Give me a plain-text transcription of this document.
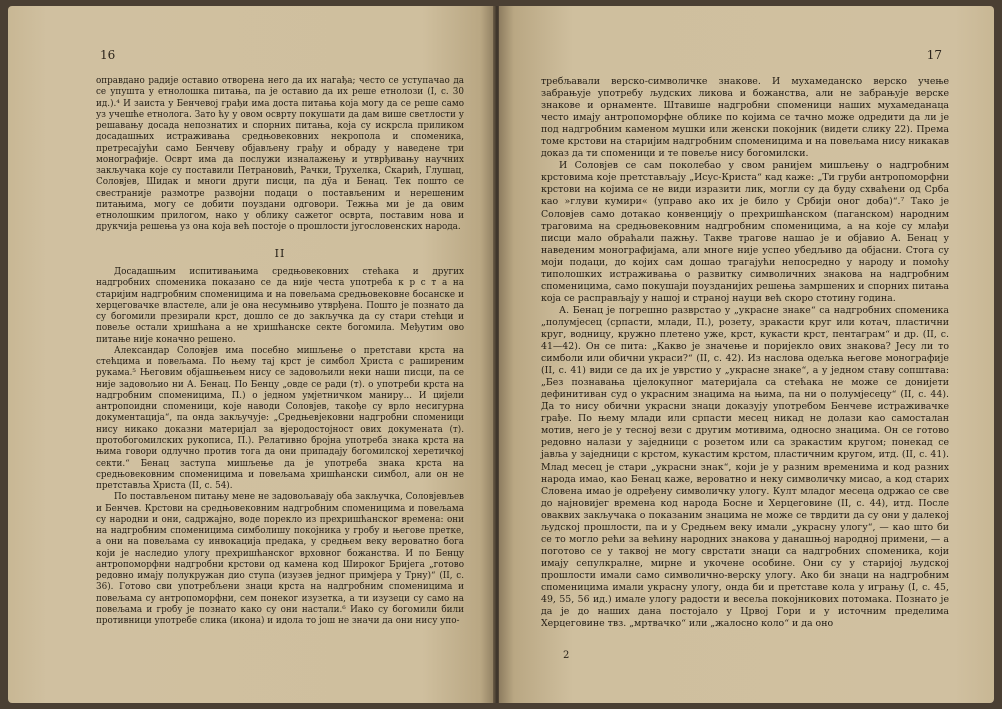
16

оправдано радије оставио отворена него да их нагађа; често се уступачао да се упушта у етнолошка питања, па је оставио да их реше етнолози (I, с. 30 ид.).⁴ И заиста у Бенчевој грађи има доста питања која могу да се реше само уз учешће етнолога. Зато ћу у овом осврту покушати да дам више светлости у решавању досада непознатих и спорних питања, која су искрсла приликом досадашњих истраживања средњовековних некропола и споменика, претресајући само Бенчеву објављену грађу и обраду у наведене три монографије. Осврт има да послужи изналажењу и утврђивању научних закључака које су поставили Петрановић, Рачки, Трухелка, Скарић, Глушац, Соловјев, Шидак и многи други писци, па дӯа и Бенац. Тек пошто се свестраније размотре развојни подаци о постављеним и нерешеним питањима, могу се добити поуздани одговори. Тежња ми је да овим етнолошким прилогом, нако у облику сажетог осврта, поставим нова и друкчија решења уз она која већ постоје о прошлости југословенских народа.

II

Досадашњим испитивањима средњовековних стећака и других надгробних споменика показано се да није честа употреба к р с т а на старијим надгробним споменицима и на повељама средњовековне босанске и херцеговачке властеле, али је она несумњиво утврђена. Пошто је познато да су богомили презирали крст, дошло се до закључка да су стари стећци и повеље остали хришћана а не хришћанске секте богомила. Међутим ово питање није коначно решено.

Александар Соловјев има посебно мишљење о претстави крста на стећцима и повељама. По њему тај крст је симбол Христа с раширеним рукама.⁵ Његовим објашњењем нису се задовољили неки наши писци, па се није задовољио ни А. Бенац. По Бенцу „овде се ради (т). о употреби крста на надгробним споменицима, П.) о једном умјетничком маниру... И цијели антропоидни споменици, које наводи Соловјев, такође су врло несигурна документација“, па онда закључује: „Средњевјековни надгробни споменици нису никако доказни материјал за вјеродостојност ових докумената (т). протобогомилских рукописа, П.). Релативно бројна употреба знака крста на њима говори одлучно против тога да они припадају богомилској херетичкој секти.“ Бенац заступа мишљење да је употреба знака крста на средњовековним споменицима и повељама хришћански симбол, али он не претставља Христа (II, с. 54).

По постављеном питању мене не задовољавају оба закључка, Соловјевљев и Бенчев. Крстови на средњовековним надгробним споменицима и повељама су народни и они, садржајно, воде порекло из прехришћанског времена: они на надгробним споменицима симболишу покојника у гробу и његове претке, а они на повељама су инвокација предака, у средњем веку вероватно бога који је наследио улогу прехришћанског врховног божанства. И по Бенцу антропоморфни надгробни крстови од камена код Широког Бријега „готово редовно имају полукружан дио ступа (изузев једног примјера у Трну)“ (II, с. 36). Готово сви употребљени знаци крста на надгробним споменицима и повељама су антропоморфни, сем понеког изузетка, а ти изузеци су само на повељама и гробу је познато како су они настали.⁶ Иако су богомили били противници употребе слика (икона) и идола то још не значи да они нису упо-

17

требљавали верско-символичке знакове. И мухамеданско верско учење забрањује употребу људских ликова и божанства, али не забрањује верске знакове и орнаменте. Штавише надгробни споменици наших мухамеданаца често имају антропоморфне облике по којима се тачно може одредити да ли је под надгробним каменом мушки или женски покојник (видети слику 22). Према томе крстови на старијим надгробним споменицима и на повељама нису никакав доказ да ти споменици и те повеље нису богомилски.

И Соловјев се сам поколебао у свом ранијем мишљењу о надгробним крстовима које претстављају „Исус-Криста“ кад каже: „Ти груби антропоморфни крстови на којима се не види изразити лик, могли су да буду схваћени од Срба као »глуви кумири« (управо ако их је било у Србији оног доба)“.⁷ Тако је Соловјев само дотакао конвенцију о прехришћанском (паганском) народним траговима на средњовековним надгробним споменицима, а на које су млађи писци мало обраћали пажњу. Такве трагове нашао је и објавио А. Бенац у наведеним монографијама, али многе није успео убедљиво да објасни. Стога су моји подаци, до којих сам дошао трагајући непосредно у народу и помоћу типолошких истраживања о развитку символичних знакова на надгробним споменицима, само покушаји поузданијих решења замршених и спорних питања која се расправљају у нашој и страној науци већ скоро стотину година.

А. Бенац је погрешно разврстао у „украсне знаке“ са надгробних споменика „полумјесец (српасти, млади, П.), розету, зракасти круг или котач, пластични круг, водницу, кружно плетено уже, крст, кукасти крст, пентаграм“ и др. (II, с. 41—42). Он се пита: „Какво је значење и поријекло ових знакова? Јесу ли то симболи или обични украси?“ (II, с. 42). Из наслова одељка његове монографије (II, с. 41) види се да их је уврстио у „украсне знаке“, а у једном ставу сопштава: „Без познавања цјелокупног материјала са стећака не може се донијети дефинитиван суд о украсним знацима на њима, па ни о полумјесецу“ (II, с. 44). Да то нису обични украсни знаци доказују употребом Бенчеве истраживачке грађе. По њему млади или српасти месец никад не долази као самосталан мотив, него је у тесној вези с другим мотивима, односно знацима. Он се готово редовно налази у заједници с розетом или са зракастим кругом; понекад се јавља у заједници с крстом, кукастим крстом, пластичним кругом, итд. (II, с. 41). Млад месец је стари „украсни знак“, који је у разним временима и код разних народа имао, као Бенац каже, вероватно и неку символичку мисао, а код старих Словена имао је одређену символичку улогу. Култ младог месеца одржао се све до најновијег времена код народа Босне и Херцеговине (II, с. 44), итд. После оваквих закључака о показаним знацима не може се тврдити да су они у далекој људској прошлости, па и у Средњем веку имали „украсну улогу“, — као што би се то могло рећи за већину народних знакова у данашњој народној примени, — а поготово се у таквој не могу сврстати знаци са надгробних споменика, који имају сепулкралне, мирне и укочене особине. Они су у старијој људској прошлости имали само символично-верску улогу. Ако би знаци на надгробним споменицима имали украсну улогу, онда би и претставе кола у игрању (I, с. 45, 49, 55, 56 ид.) имале улогу радости и весеља покојникових потомака. Познато је да је до наших дана постојало у Црвој Гори и у источним пределима Херцеговине твз. „мртвачко“ или „жалосно коло“ и да оно

2
